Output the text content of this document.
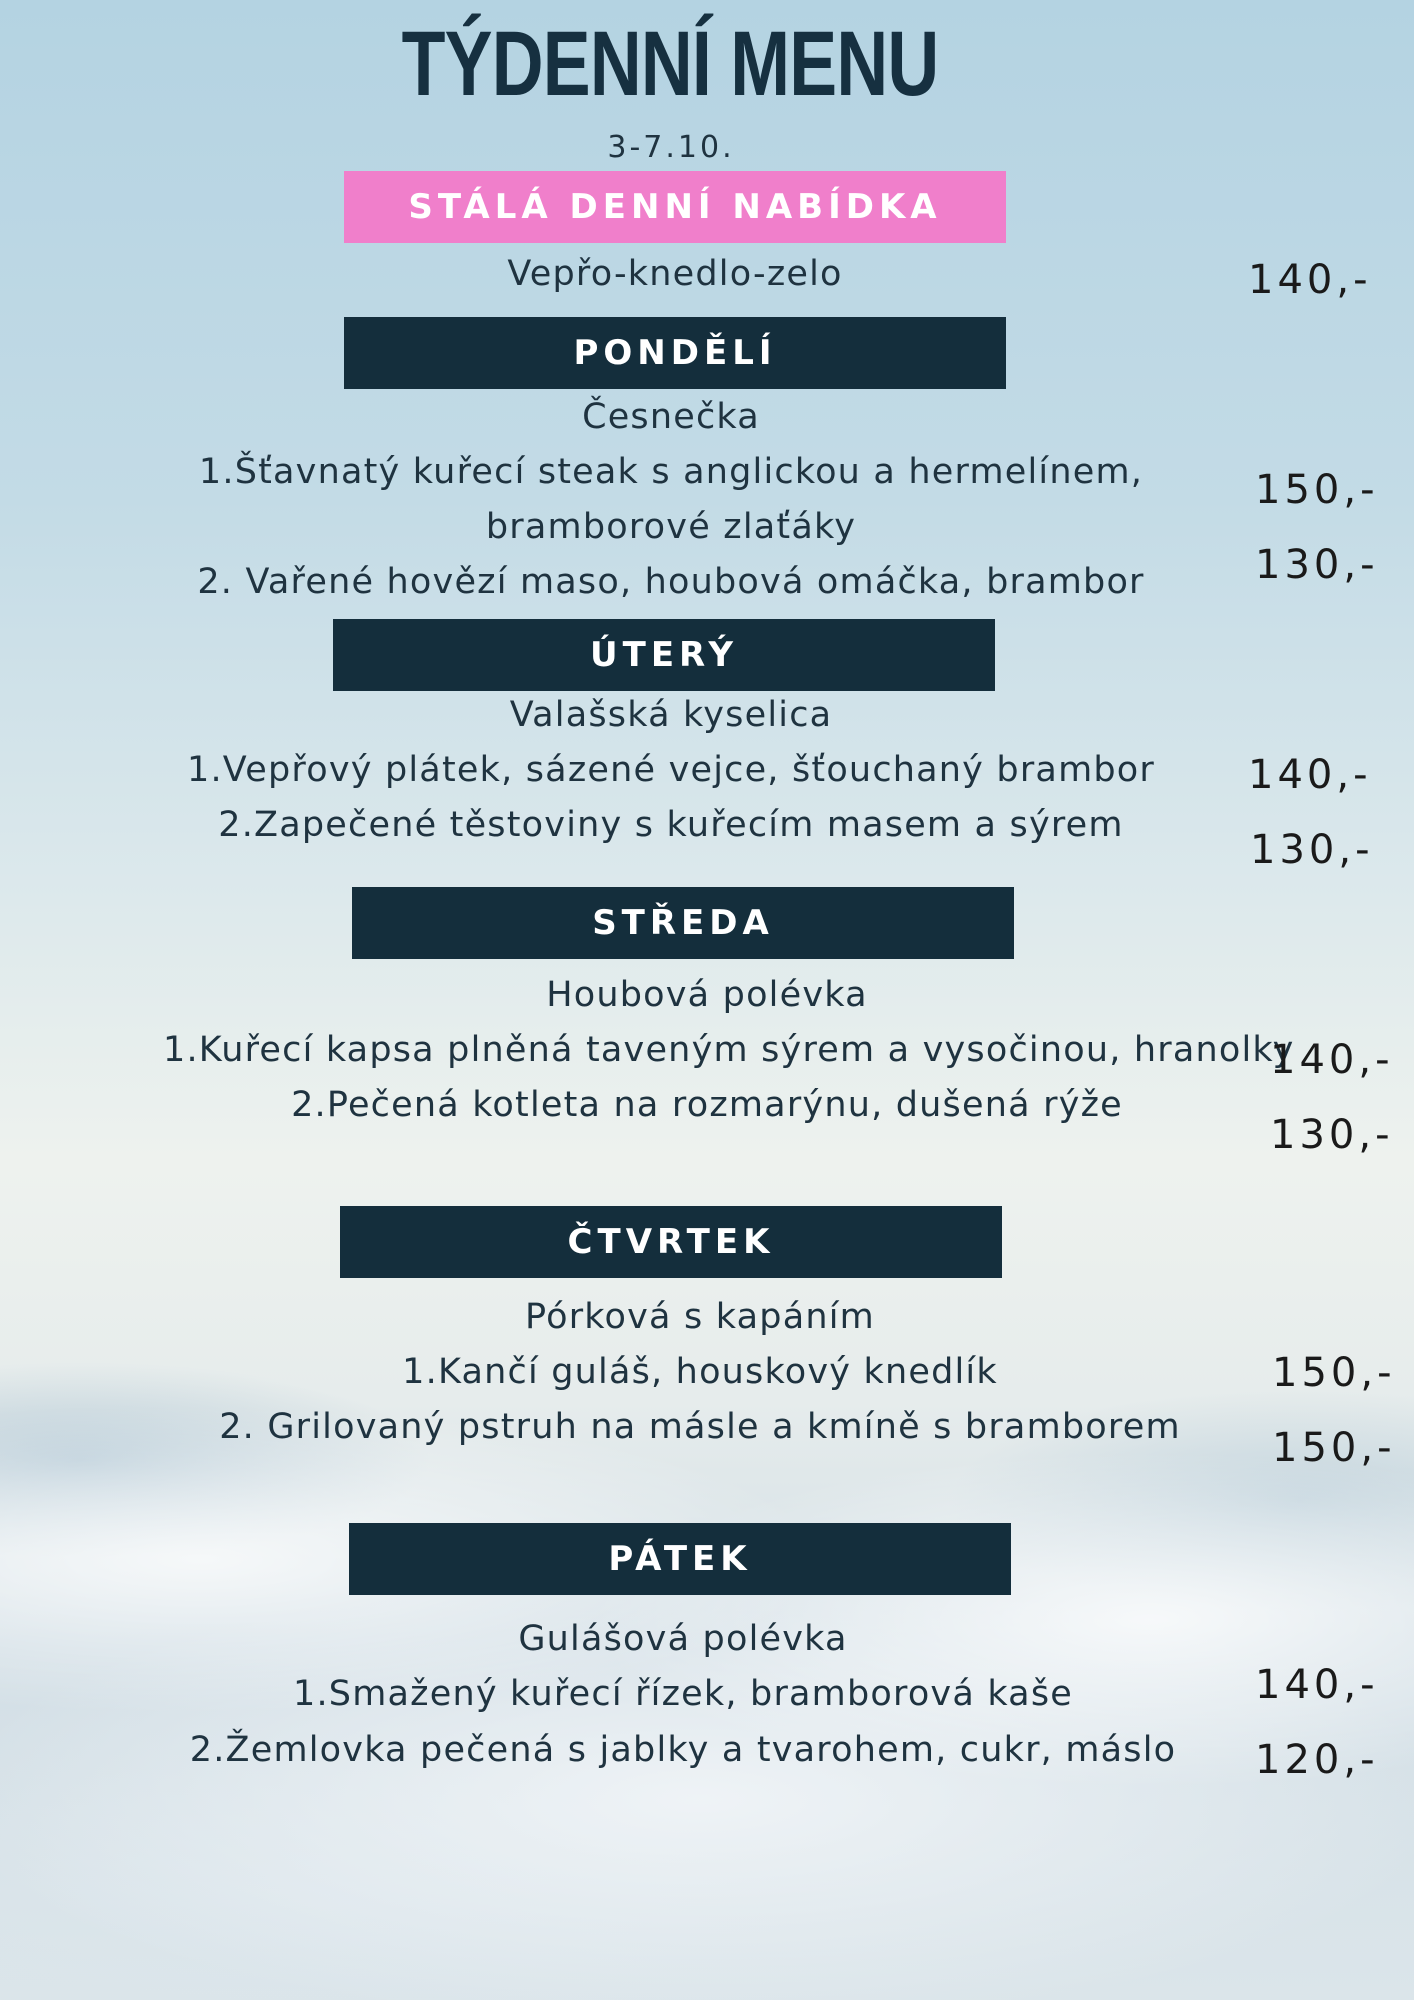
TÝDENNÍ MENU
3-7.10.
STÁLÁ DENNÍ NABÍDKA
Vepřo-knedlo-zelo	140,-
PONDĚLÍ
Česnečka
1.Šťavnatý kuřecí steak s anglickou a hermelínem,
bramborové zlaťáky
150,-
2. Vařené hovězí maso, houbová omáčka, brambor	130,-
ÚTERÝ
Valašská kyselica
1.Vepřový plátek, sázené vejce, šťouchaný brambor	140,-
2.Zapečené těstoviny s kuřecím masem a sýrem
130,-
STŘEDA
Houbová polévka
1.Kuřecí kapsa plněná taveným sýrem a vysočinou, hranolky
140,-
2.Pečená kotleta na rozmarýnu, dušená rýže
130,-
ČTVRTEK
Pórková s kapáním
1.Kančí guláš, houskový knedlík	150,-
2. Grilovaný pstruh na másle a kmíně s bramborem	150,-
PÁTEK
Gulášová polévka
1.Smažený kuřecí řízek, bramborová kaše	140,-
2.Žemlovka pečená s jablky a tvarohem, cukr, máslo	120,-
